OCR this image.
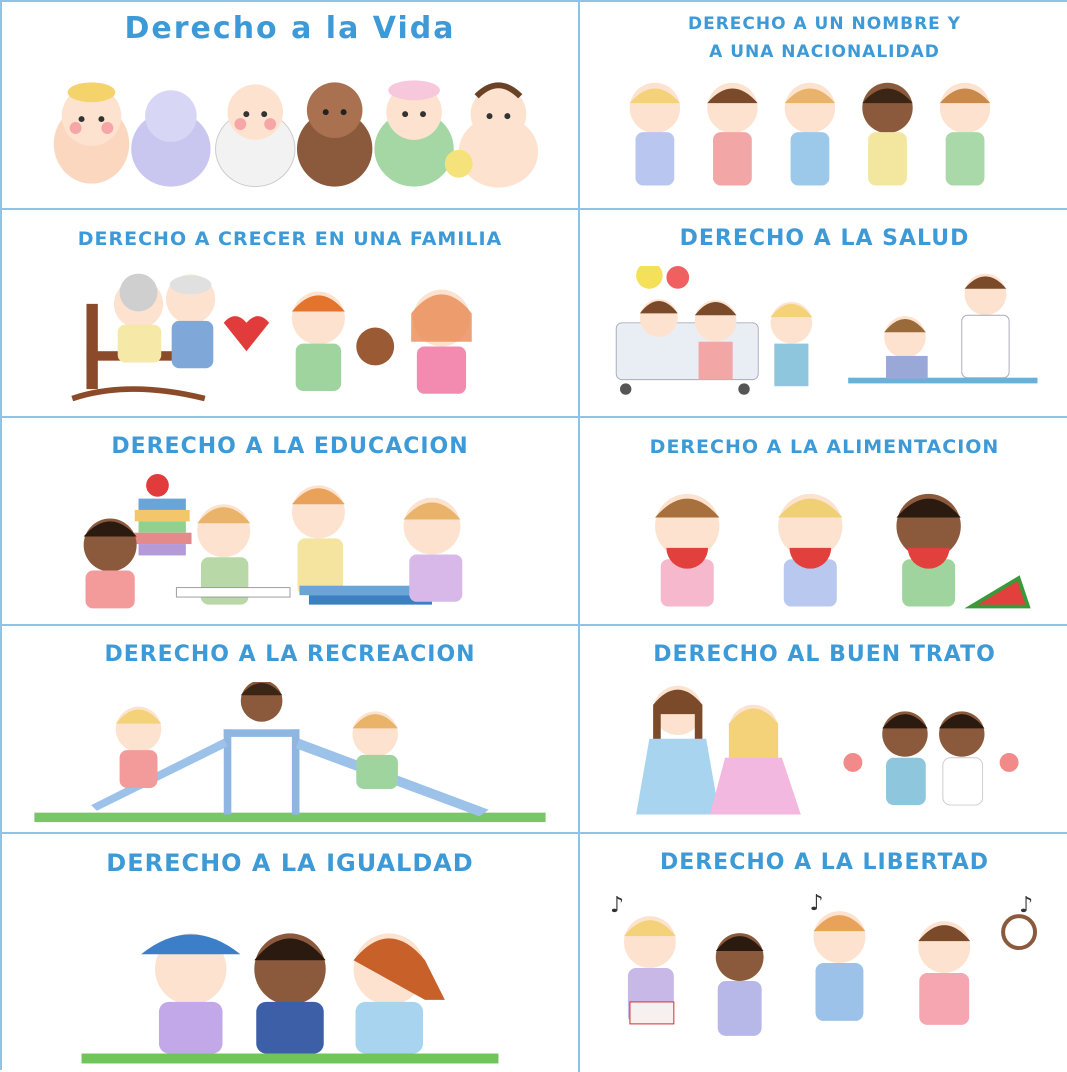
Derecho a la Vida	DERECHO A UN NOMBRE Y
A UNA NACIONALIDAD
DERECHO A CRECER EN UNA FAMILIA	DERECHO A LA SALUD
DERECHO A LA EDUCACION	DERECHO A LA ALIMENTACION
DERECHO A LA RECREACION	DERECHO AL BUEN TRATO
DERECHO A LA IGUALDAD	DERECHO A LA LIBERTAD
♪	♪	♪
